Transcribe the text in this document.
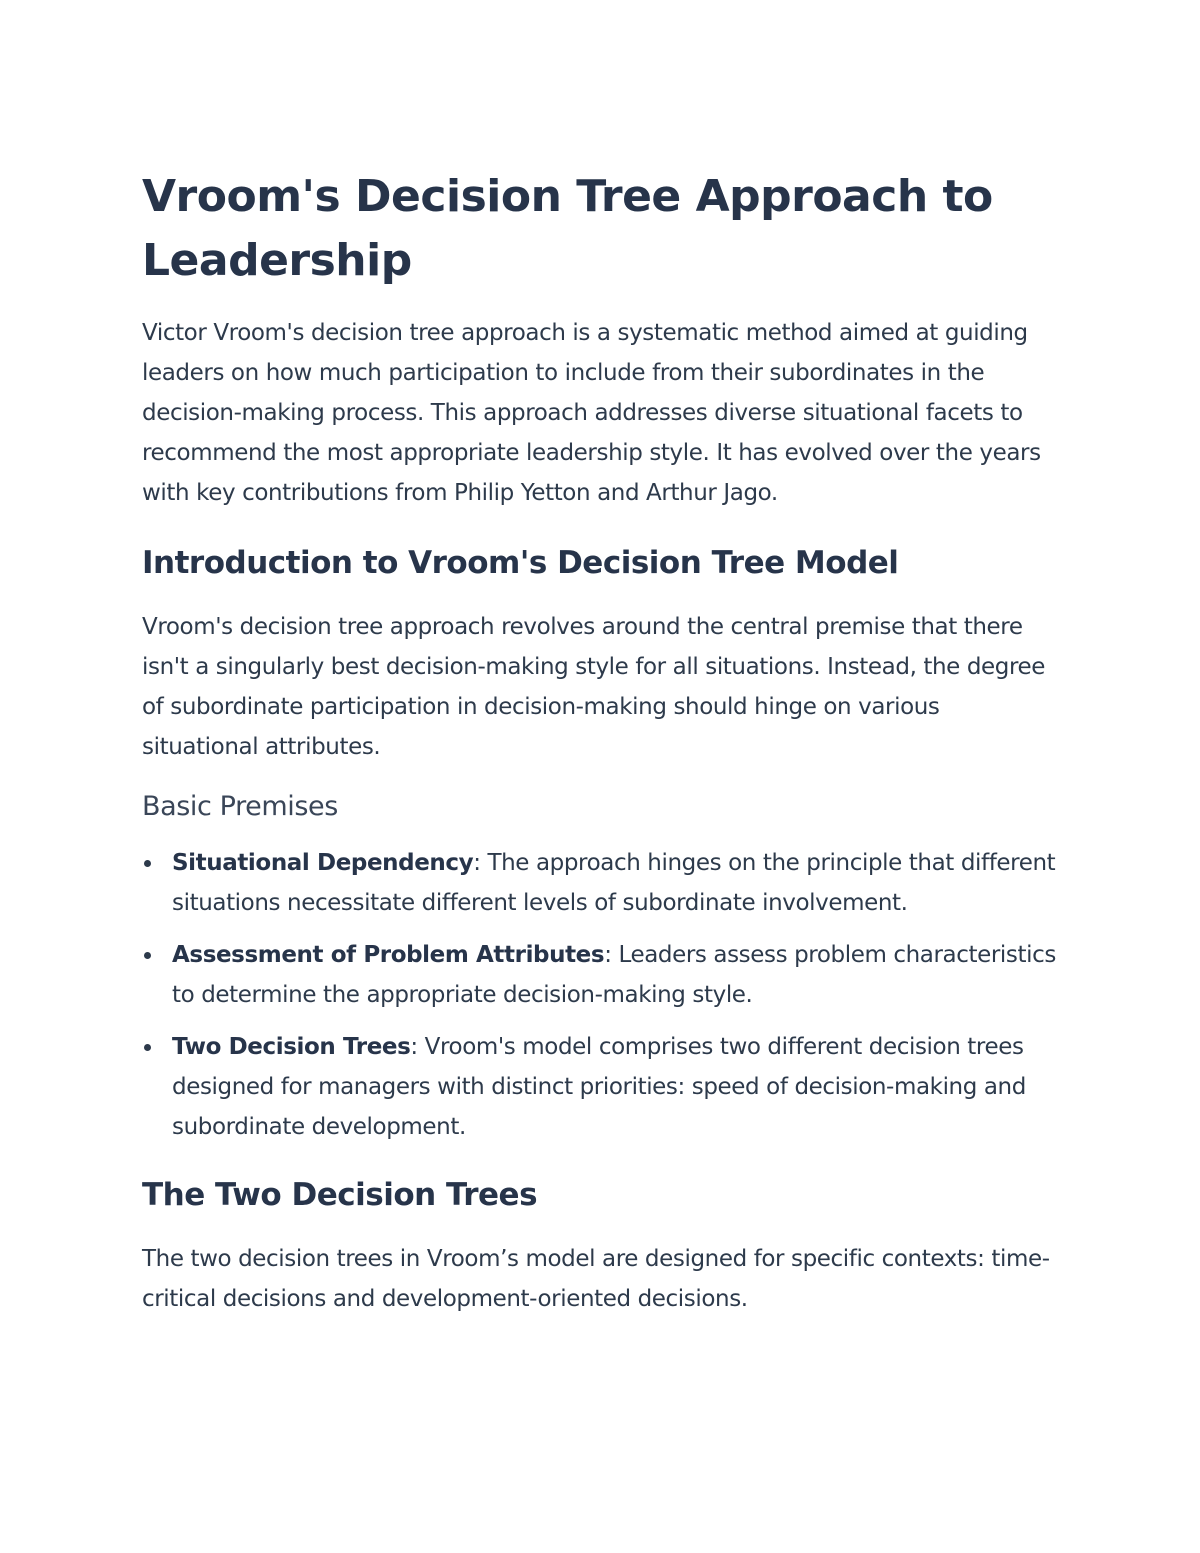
Vroom's Decision Tree Approach to Leadership

Victor Vroom's decision tree approach is a systematic method aimed at guiding leaders on how much participation to include from their subordinates in the decision-making process. This approach addresses diverse situational facets to recommend the most appropriate leadership style. It has evolved over the years with key contributions from Philip Yetton and Arthur Jago.

Introduction to Vroom's Decision Tree Model

Vroom's decision tree approach revolves around the central premise that there isn't a singularly best decision-making style for all situations. Instead, the degree of subordinate participation in decision-making should hinge on various situational attributes.

Basic Premises
Situational Dependency: The approach hinges on the principle that different situations necessitate different levels of subordinate involvement.
Assessment of Problem Attributes: Leaders assess problem characteristics to determine the appropriate decision-making style.
Two Decision Trees: Vroom's model comprises two different decision trees designed for managers with distinct priorities: speed of decision-making and subordinate development.
The Two Decision Trees

The two decision trees in Vroom’s model are designed for specific contexts: time-critical decisions and development-oriented decisions.
